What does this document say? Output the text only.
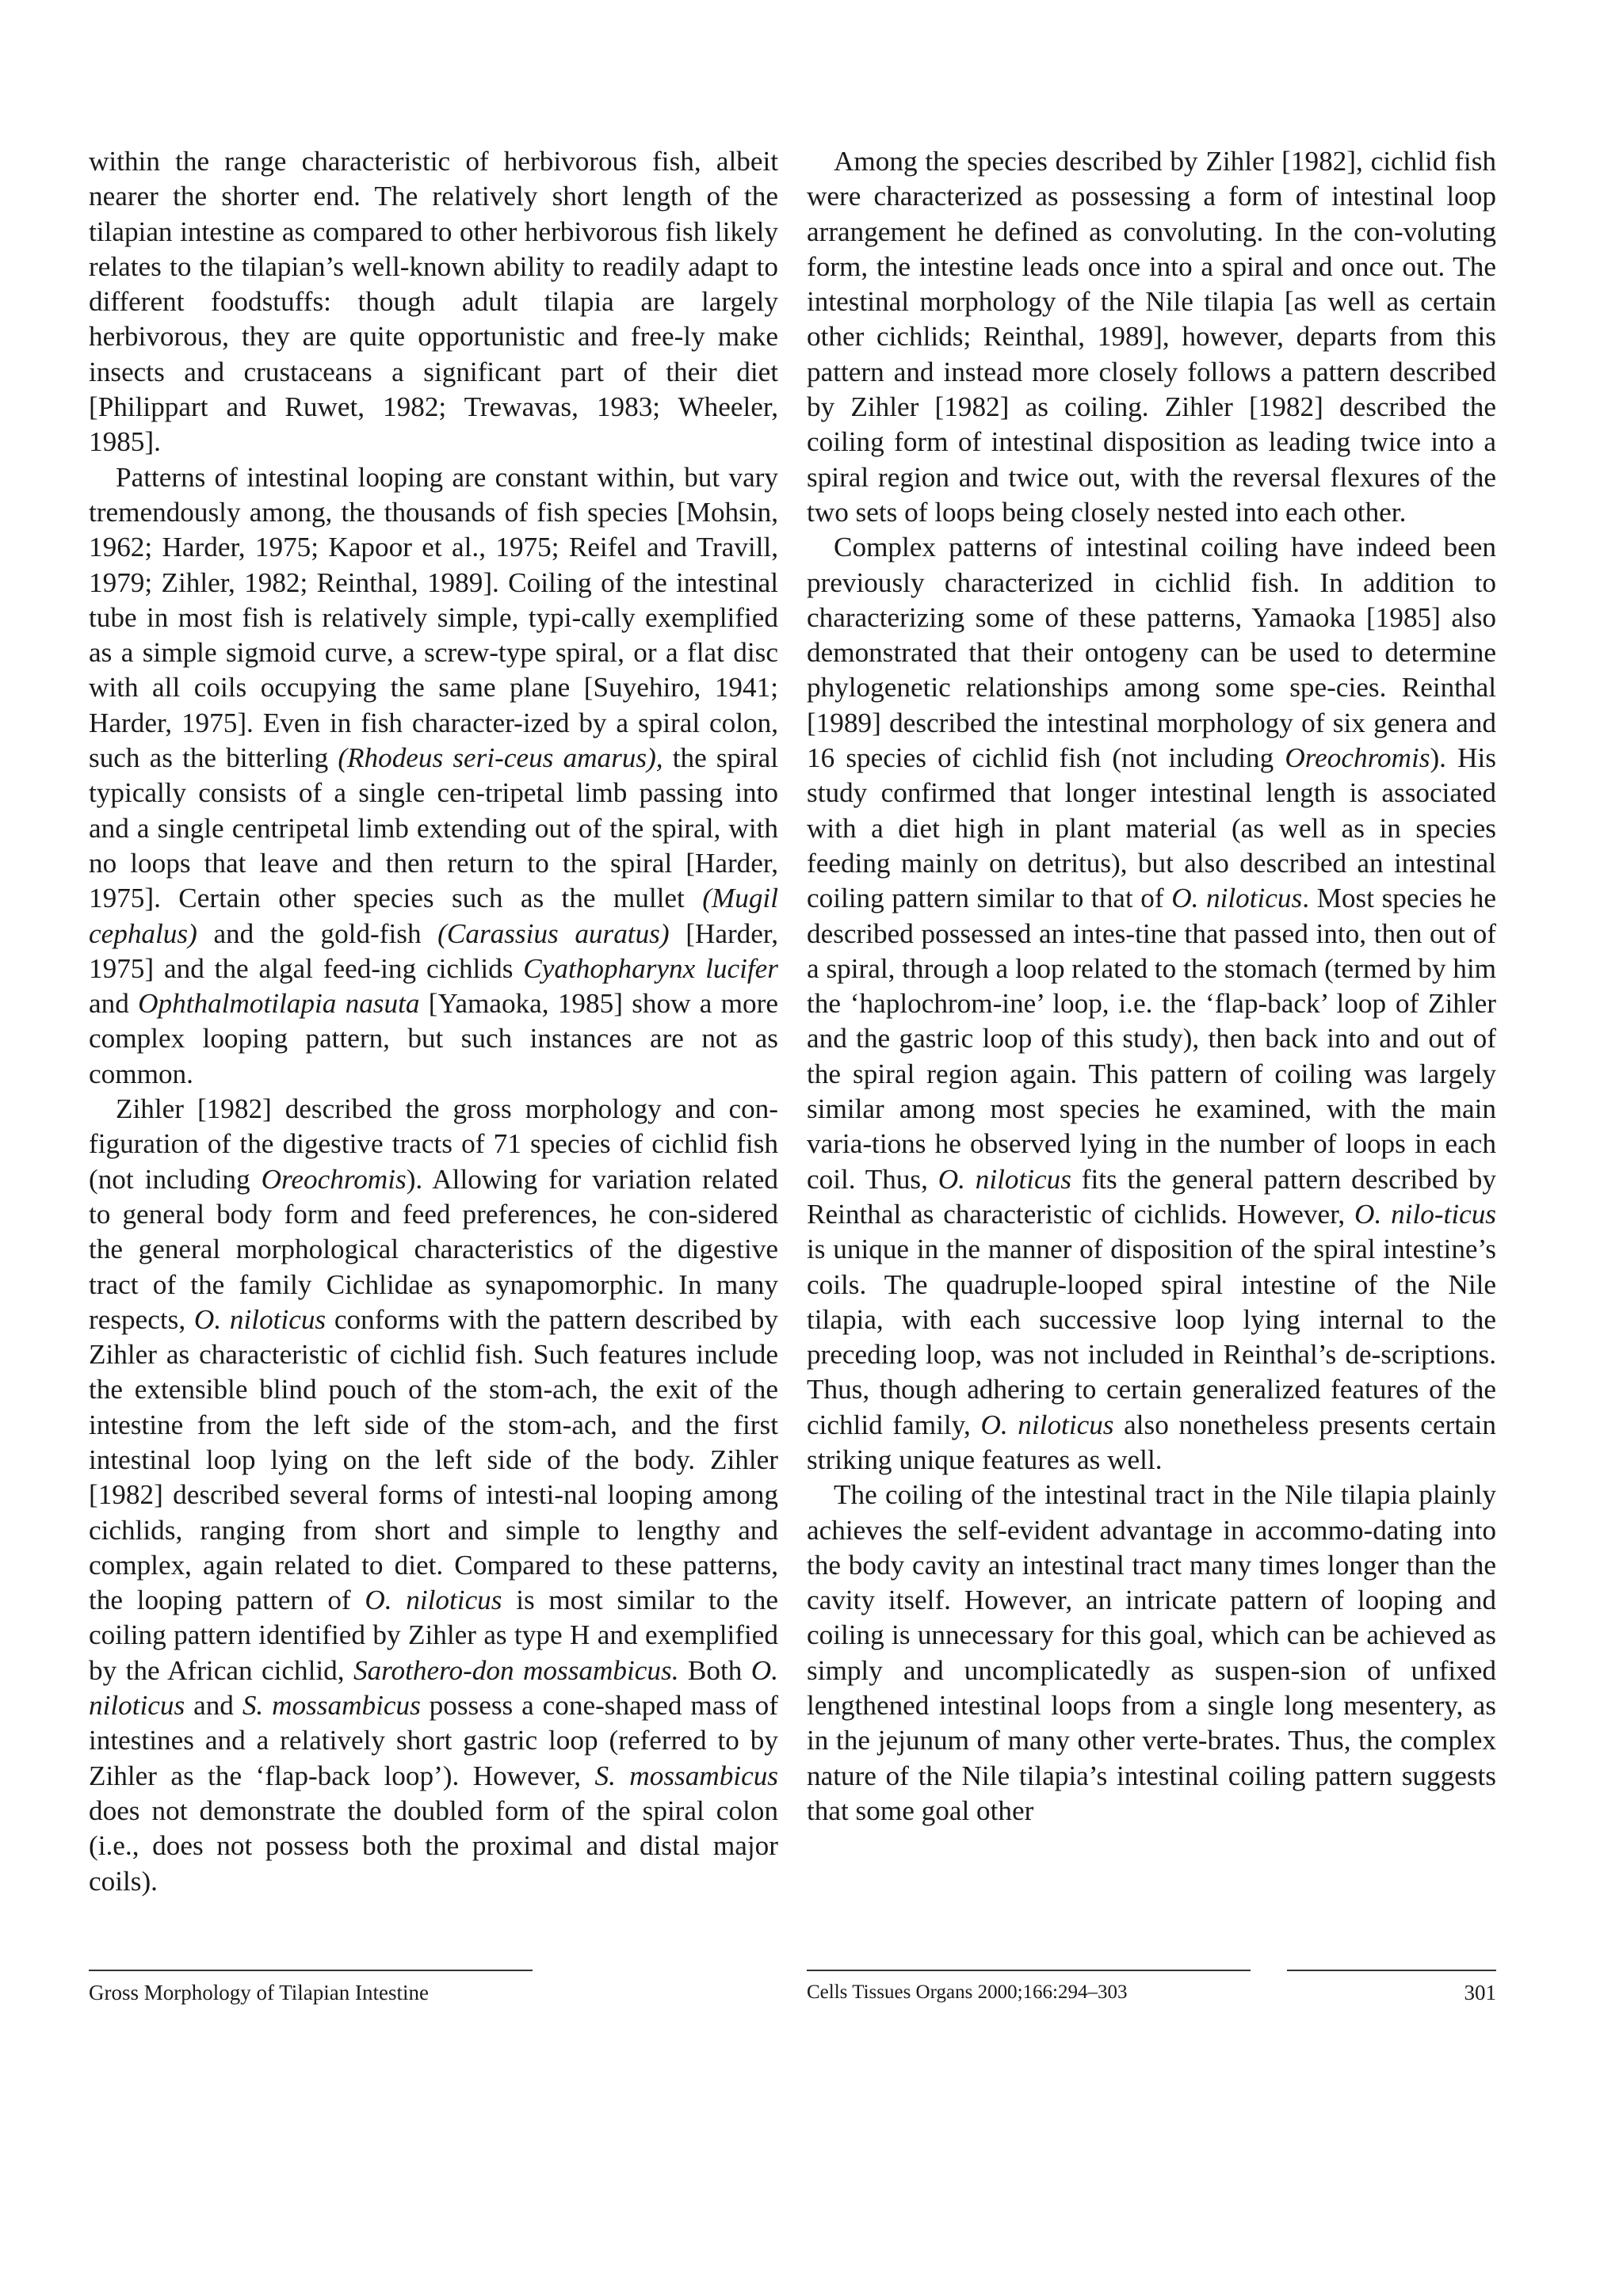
within the range characteristic of herbivorous fish, albeit nearer the shorter end. The relatively short length of the tilapian intestine as compared to other herbivorous fish likely relates to the tilapian’s well-known ability to readily adapt to different foodstuffs: though adult tilapia are largely herbivorous, they are quite opportunistic and free-ly make insects and crustaceans a significant part of their diet [Philippart and Ruwet, 1982; Trewavas, 1983; Wheeler, 1985].

Patterns of intestinal looping are constant within, but vary tremendously among, the thousands of fish species [Mohsin, 1962; Harder, 1975; Kapoor et al., 1975; Reifel and Travill, 1979; Zihler, 1982; Reinthal, 1989]. Coiling of the intestinal tube in most fish is relatively simple, typi-cally exemplified as a simple sigmoid curve, a screw-type spiral, or a flat disc with all coils occupying the same plane [Suyehiro, 1941; Harder, 1975]. Even in fish character-ized by a spiral colon, such as the bitterling (Rhodeus seri-ceus amarus), the spiral typically consists of a single cen-tripetal limb passing into and a single centripetal limb extending out of the spiral, with no loops that leave and then return to the spiral [Harder, 1975]. Certain other species such as the mullet (Mugil cephalus) and the gold-fish (Carassius auratus) [Harder, 1975] and the algal feed-ing cichlids Cyathopharynx lucifer and Ophthalmotilapia nasuta [Yamaoka, 1985] show a more complex looping pattern, but such instances are not as common.

Zihler [1982] described the gross morphology and con-figuration of the digestive tracts of 71 species of cichlid fish (not including Oreochromis). Allowing for variation related to general body form and feed preferences, he con-sidered the general morphological characteristics of the digestive tract of the family Cichlidae as synapomorphic. In many respects, O. niloticus conforms with the pattern described by Zihler as characteristic of cichlid fish. Such features include the extensible blind pouch of the stom-ach, the exit of the intestine from the left side of the stom-ach, and the first intestinal loop lying on the left side of the body. Zihler [1982] described several forms of intesti-nal looping among cichlids, ranging from short and simple to lengthy and complex, again related to diet. Compared to these patterns, the looping pattern of O. niloticus is most similar to the coiling pattern identified by Zihler as type H and exemplified by the African cichlid, Sarothero-don mossambicus. Both O. niloticus and S. mossambicus possess a cone-shaped mass of intestines and a relatively short gastric loop (referred to by Zihler as the ‘flap-back loop’). However, S. mossambicus does not demonstrate the doubled form of the spiral colon (i.e., does not possess both the proximal and distal major coils).

Among the species described by Zihler [1982], cichlid fish were characterized as possessing a form of intestinal loop arrangement he defined as convoluting. In the con-voluting form, the intestine leads once into a spiral and once out. The intestinal morphology of the Nile tilapia [as well as certain other cichlids; Reinthal, 1989], however, departs from this pattern and instead more closely follows a pattern described by Zihler [1982] as coiling. Zihler [1982] described the coiling form of intestinal disposition as leading twice into a spiral region and twice out, with the reversal flexures of the two sets of loops being closely nested into each other.

Complex patterns of intestinal coiling have indeed been previously characterized in cichlid fish. In addition to characterizing some of these patterns, Yamaoka [1985] also demonstrated that their ontogeny can be used to determine phylogenetic relationships among some spe-cies. Reinthal [1989] described the intestinal morphology of six genera and 16 species of cichlid fish (not including Oreochromis). His study confirmed that longer intestinal length is associated with a diet high in plant material (as well as in species feeding mainly on detritus), but also described an intestinal coiling pattern similar to that of O. niloticus. Most species he described possessed an intes-tine that passed into, then out of a spiral, through a loop related to the stomach (termed by him the ‘haplochrom-ine’ loop, i.e. the ‘flap-back’ loop of Zihler and the gastric loop of this study), then back into and out of the spiral region again. This pattern of coiling was largely similar among most species he examined, with the main varia-tions he observed lying in the number of loops in each coil. Thus, O. niloticus fits the general pattern described by Reinthal as characteristic of cichlids. However, O. nilo-ticus is unique in the manner of disposition of the spiral intestine’s coils. The quadruple-looped spiral intestine of the Nile tilapia, with each successive loop lying internal to the preceding loop, was not included in Reinthal’s de-scriptions. Thus, though adhering to certain generalized features of the cichlid family, O. niloticus also nonetheless presents certain striking unique features as well.

The coiling of the intestinal tract in the Nile tilapia plainly achieves the self-evident advantage in accommo-dating into the body cavity an intestinal tract many times longer than the cavity itself. However, an intricate pattern of looping and coiling is unnecessary for this goal, which can be achieved as simply and uncomplicatedly as suspen-sion of unfixed lengthened intestinal loops from a single long mesentery, as in the jejunum of many other verte-brates. Thus, the complex nature of the Nile tilapia’s intestinal coiling pattern suggests that some goal other

Gross Morphology of Tilapian Intestine	Cells Tissues Organs 2000;166:294–303	301
